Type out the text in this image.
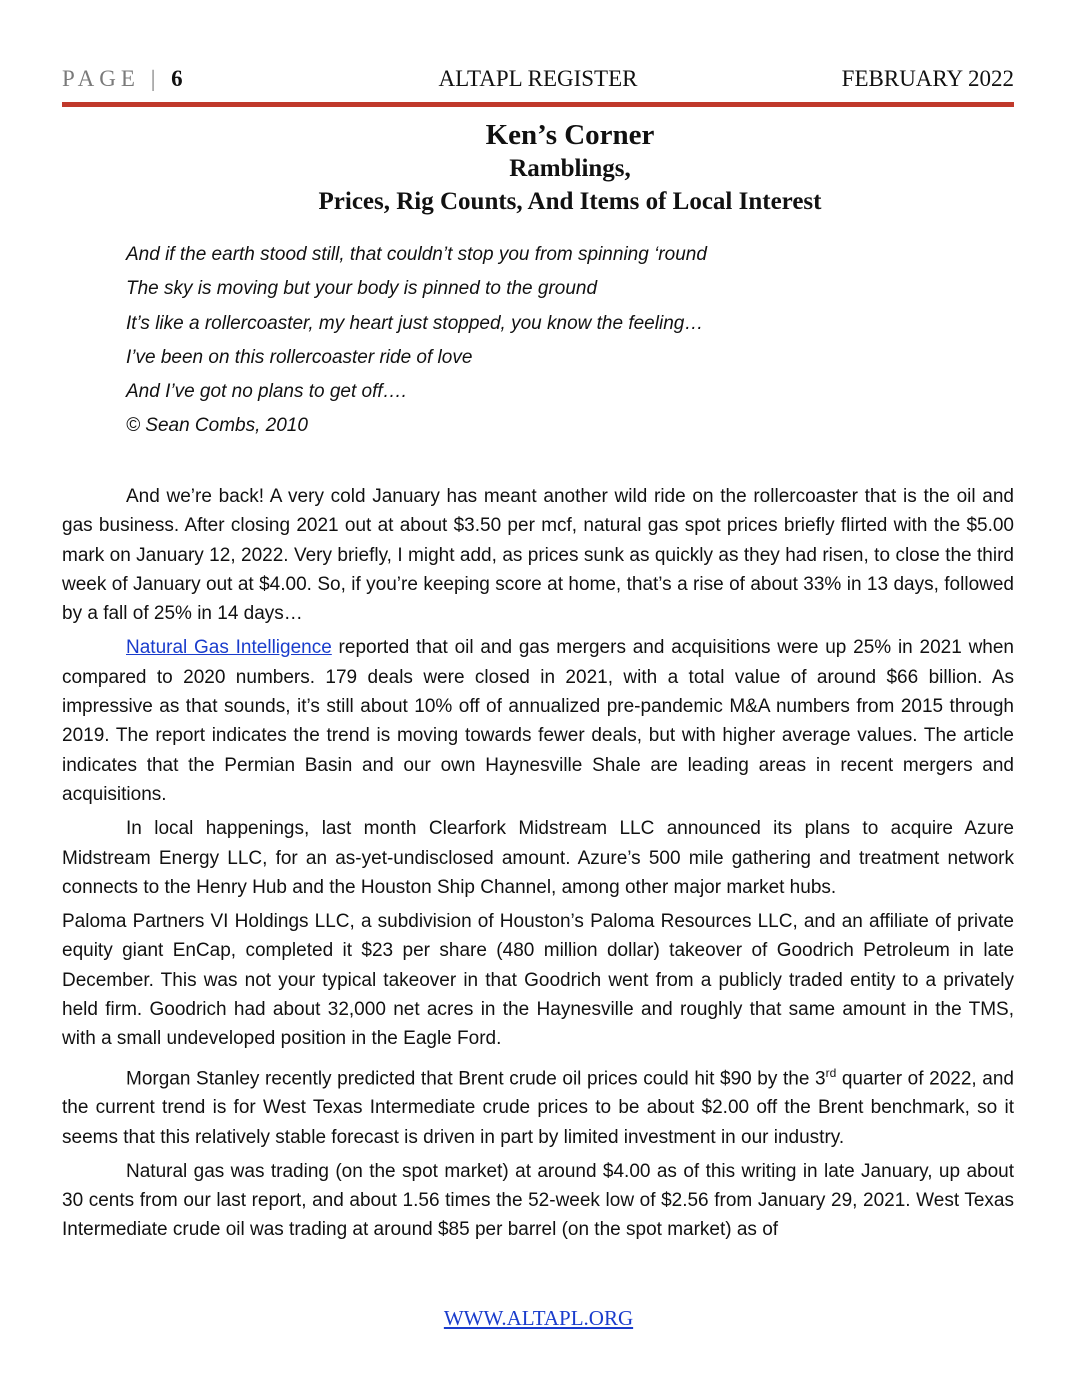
PAGE | 6	ALTAPL REGISTER	FEBRUARY 2022
Ken’s Corner
Ramblings,
Prices, Rig Counts, And Items of Local Interest
And if the earth stood still, that couldn’t stop you from spinning ‘round
The sky is moving but your body is pinned to the ground
It’s like a rollercoaster, my heart just stopped, you know the feeling…
I’ve been on this rollercoaster ride of love
And I’ve got no plans to get off….
© Sean Combs, 2010

And we’re back! A very cold January has meant another wild ride on the rollercoaster that is the oil and gas business. After closing 2021 out at about $3.50 per mcf, natural gas spot prices briefly flirted with the $5.00 mark on January 12, 2022. Very briefly, I might add, as prices sunk as quickly as they had risen, to close the third week of January out at $4.00. So, if you’re keeping score at home, that’s a rise of about 33% in 13 days, followed by a fall of 25% in 14 days…

Natural Gas Intelligence reported that oil and gas mergers and acquisitions were up 25% in 2021 when compared to 2020 numbers. 179 deals were closed in 2021, with a total value of around $66 billion. As impressive as that sounds, it’s still about 10% off of annualized pre-pandemic M&A numbers from 2015 through 2019. The report indicates the trend is moving towards fewer deals, but with higher average values. The article indicates that the Permian Basin and our own Haynesville Shale are leading areas in recent mergers and acquisitions.

In local happenings, last month Clearfork Midstream LLC announced its plans to acquire Azure Midstream Energy LLC, for an as-yet-undisclosed amount. Azure’s 500 mile gathering and treatment network connects to the Henry Hub and the Houston Ship Channel, among other major market hubs.

Paloma Partners VI Holdings LLC, a subdivision of Houston’s Paloma Resources LLC, and an affiliate of private equity giant EnCap, completed it $23 per share (480 million dollar) takeover of Goodrich Petroleum in late December. This was not your typical takeover in that Goodrich went from a publicly traded entity to a privately held firm. Goodrich had about 32,000 net acres in the Haynesville and roughly that same amount in the TMS, with a small undeveloped position in the Eagle Ford.

Morgan Stanley recently predicted that Brent crude oil prices could hit $90 by the 3rd quarter of 2022, and the current trend is for West Texas Intermediate crude prices to be about $2.00 off the Brent benchmark, so it seems that this relatively stable forecast is driven in part by limited investment in our industry.

Natural gas was trading (on the spot market) at around $4.00 as of this writing in late January, up about 30 cents from our last report, and about 1.56 times the 52-week low of $2.56 from January 29, 2021. West Texas Intermediate crude oil was trading at around $85 per barrel (on the spot market) as of

WWW.ALTAPL.ORG
